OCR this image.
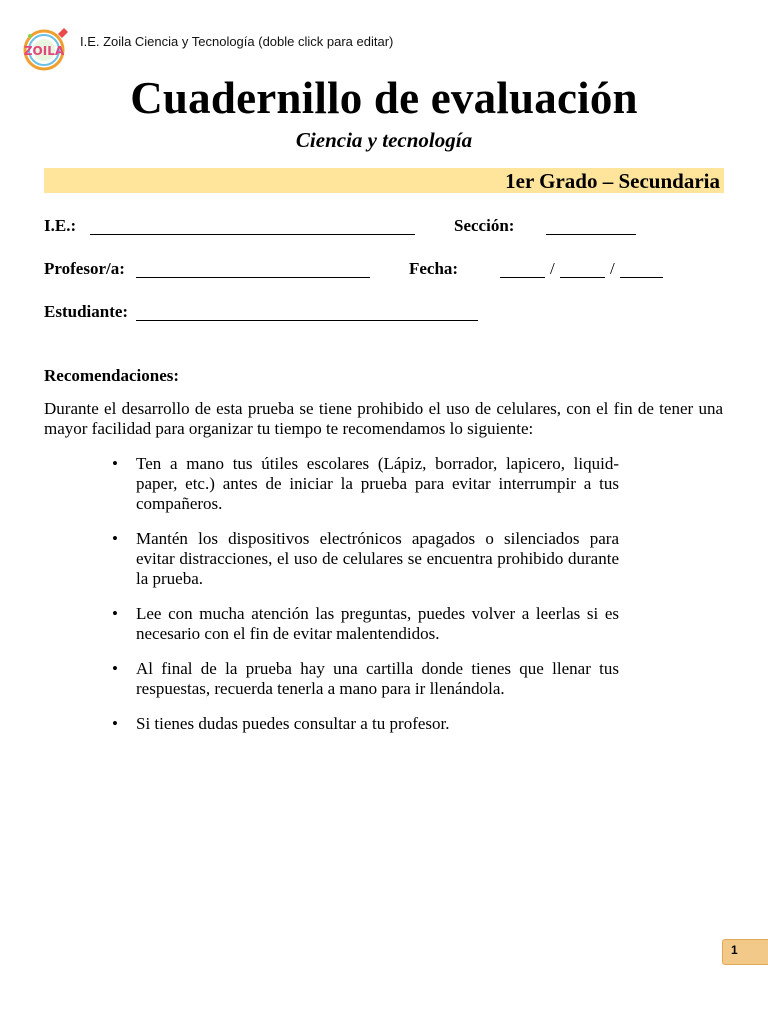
ZOILA
I.E. Zoila Ciencia y Tecnología (doble click para editar)
Cuadernillo de evaluación
Ciencia y tecnología
1er Grado – Secundaria
I.E.:	Sección:
Profesor/a:	Fecha:	/	/
Estudiante:
Recomendaciones:
Durante el desarrollo de esta prueba se tiene prohibido el uso de celulares, con el fin de tener una mayor facilidad para organizar tu tiempo te recomendamos lo siguiente:
• Ten a mano tus útiles escolares (Lápiz, borrador, lapicero, liquid-paper, etc.) antes de iniciar la prueba para evitar interrumpir a tus compañeros.
• Mantén los dispositivos electrónicos apagados o silenciados para evitar distracciones, el uso de celulares se encuentra prohibido durante la prueba.
• Lee con mucha atención las preguntas, puedes volver a leerlas si es necesario con el fin de evitar malentendidos.
• Al final de la prueba hay una cartilla donde tienes que llenar tus respuestas, recuerda tenerla a mano para ir llenándola.
• Si tienes dudas puedes consultar a tu profesor.
1
